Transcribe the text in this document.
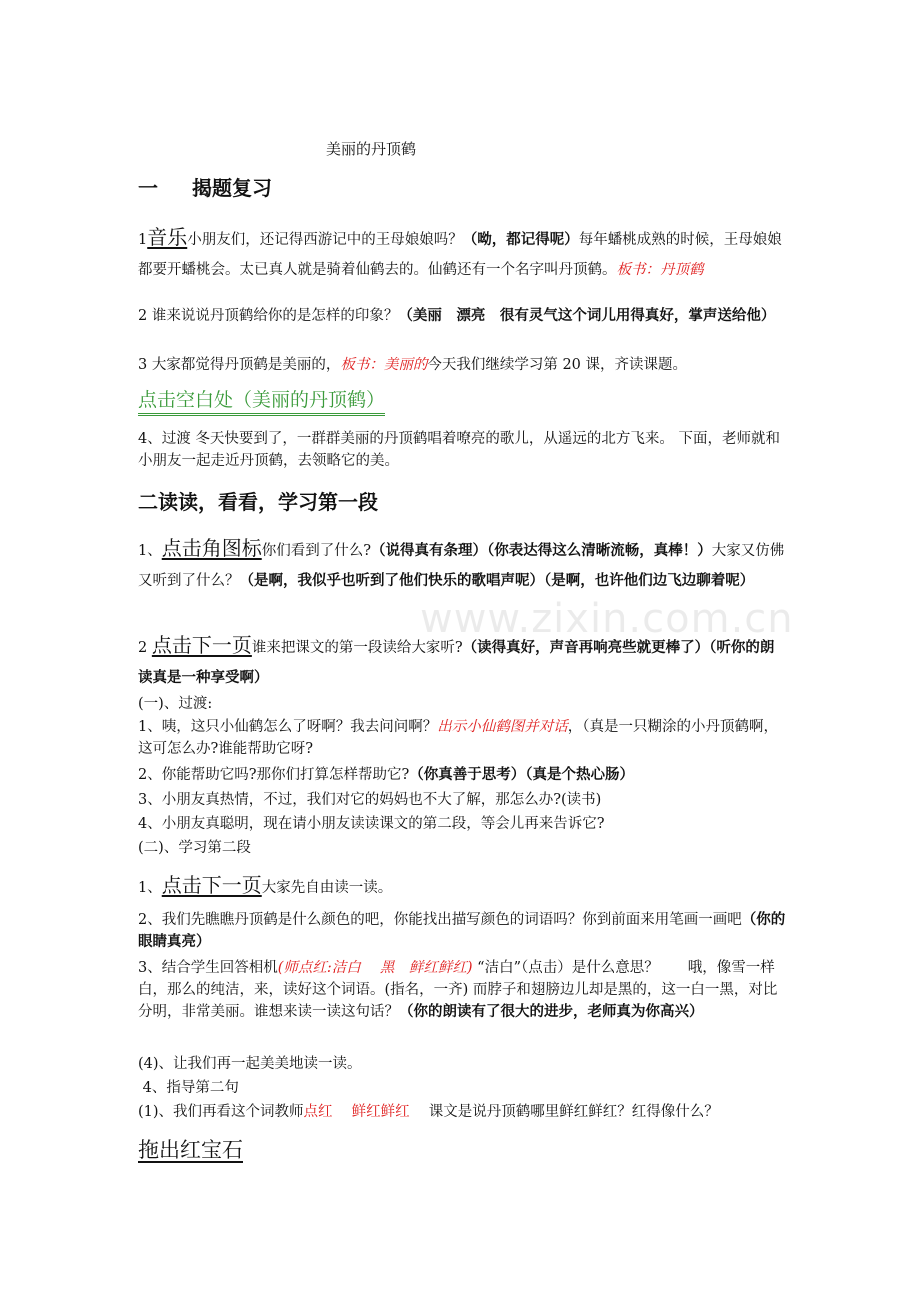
美丽的丹顶鹤
一 揭题复习
1音乐小朋友们，还记得西游记中的王母娘娘吗？（呦，都记得呢）每年蟠桃成熟的时候，王母娘娘都要开蟠桃会。太已真人就是骑着仙鹤去的。仙鹤还有一个名字叫丹顶鹤。板书：丹顶鹤
2 谁来说说丹顶鹤给你的是怎样的印象？（美丽　漂亮　很有灵气这个词儿用得真好，掌声送给他）
3 大家都觉得丹顶鹤是美丽的，板书：美丽的今天我们继续学习第 20 课，齐读课题。
点击空白处（美丽的丹顶鹤）
4、过渡 冬天快要到了，一群群美丽的丹顶鹤唱着嘹亮的歌儿，从遥远的北方飞来。 下面，老师就和小朋友一起走近丹顶鹤，去领略它的美。
二读读，看看，学习第一段
1、点击角图标你们看到了什么?（说得真有条理）（你表达得这么清晰流畅，真棒！）大家又仿佛又听到了什么？（是啊，我似乎也听到了他们快乐的歌唱声呢）（是啊，也许他们边飞边聊着呢）
2 点击下一页谁来把课文的第一段读给大家听?（读得真好，声音再响亮些就更棒了）（听你的朗读真是一种享受啊）
(一)、过渡:
1、咦，这只小仙鹤怎么了呀啊？我去问问啊？出示小仙鹤图并对话，（真是一只糊涂的小丹顶鹤啊，这可怎么办?谁能帮助它呀?
2、你能帮助它吗?那你们打算怎样帮助它?（你真善于思考）（真是个热心肠）
3、小朋友真热情，不过，我们对它的妈妈也不大了解，那怎么办?(读书)
4、小朋友真聪明，现在请小朋友读读课文的第二段，等会儿再来告诉它?
(二)、学习第二段
1、点击下一页大家先自由读一读。
2、我们先瞧瞧丹顶鹤是什么颜色的吧，你能找出描写颜色的词语吗？你到前面来用笔画一画吧（你的眼睛真亮）
3、结合学生回答相机(师点红:洁白　 黑　鲜红鲜红) “洁白”（点击）是什么意思？　　哦，像雪一样白，那么的纯洁，来，读好这个词语。(指名，一齐) 而脖子和翅膀边儿却是黑的，这一白一黑，对比分明，非常美丽。谁想来读一读这句话？（你的朗读有了很大的进步，老师真为你高兴）
(4)、让我们再一起美美地读一读。
4、指导第二句
(1)、我们再看这个词教师点红　 鲜红鲜红　 课文是说丹顶鹤哪里鲜红鲜红？红得像什么？
拖出红宝石
www.zixin.com.cn
